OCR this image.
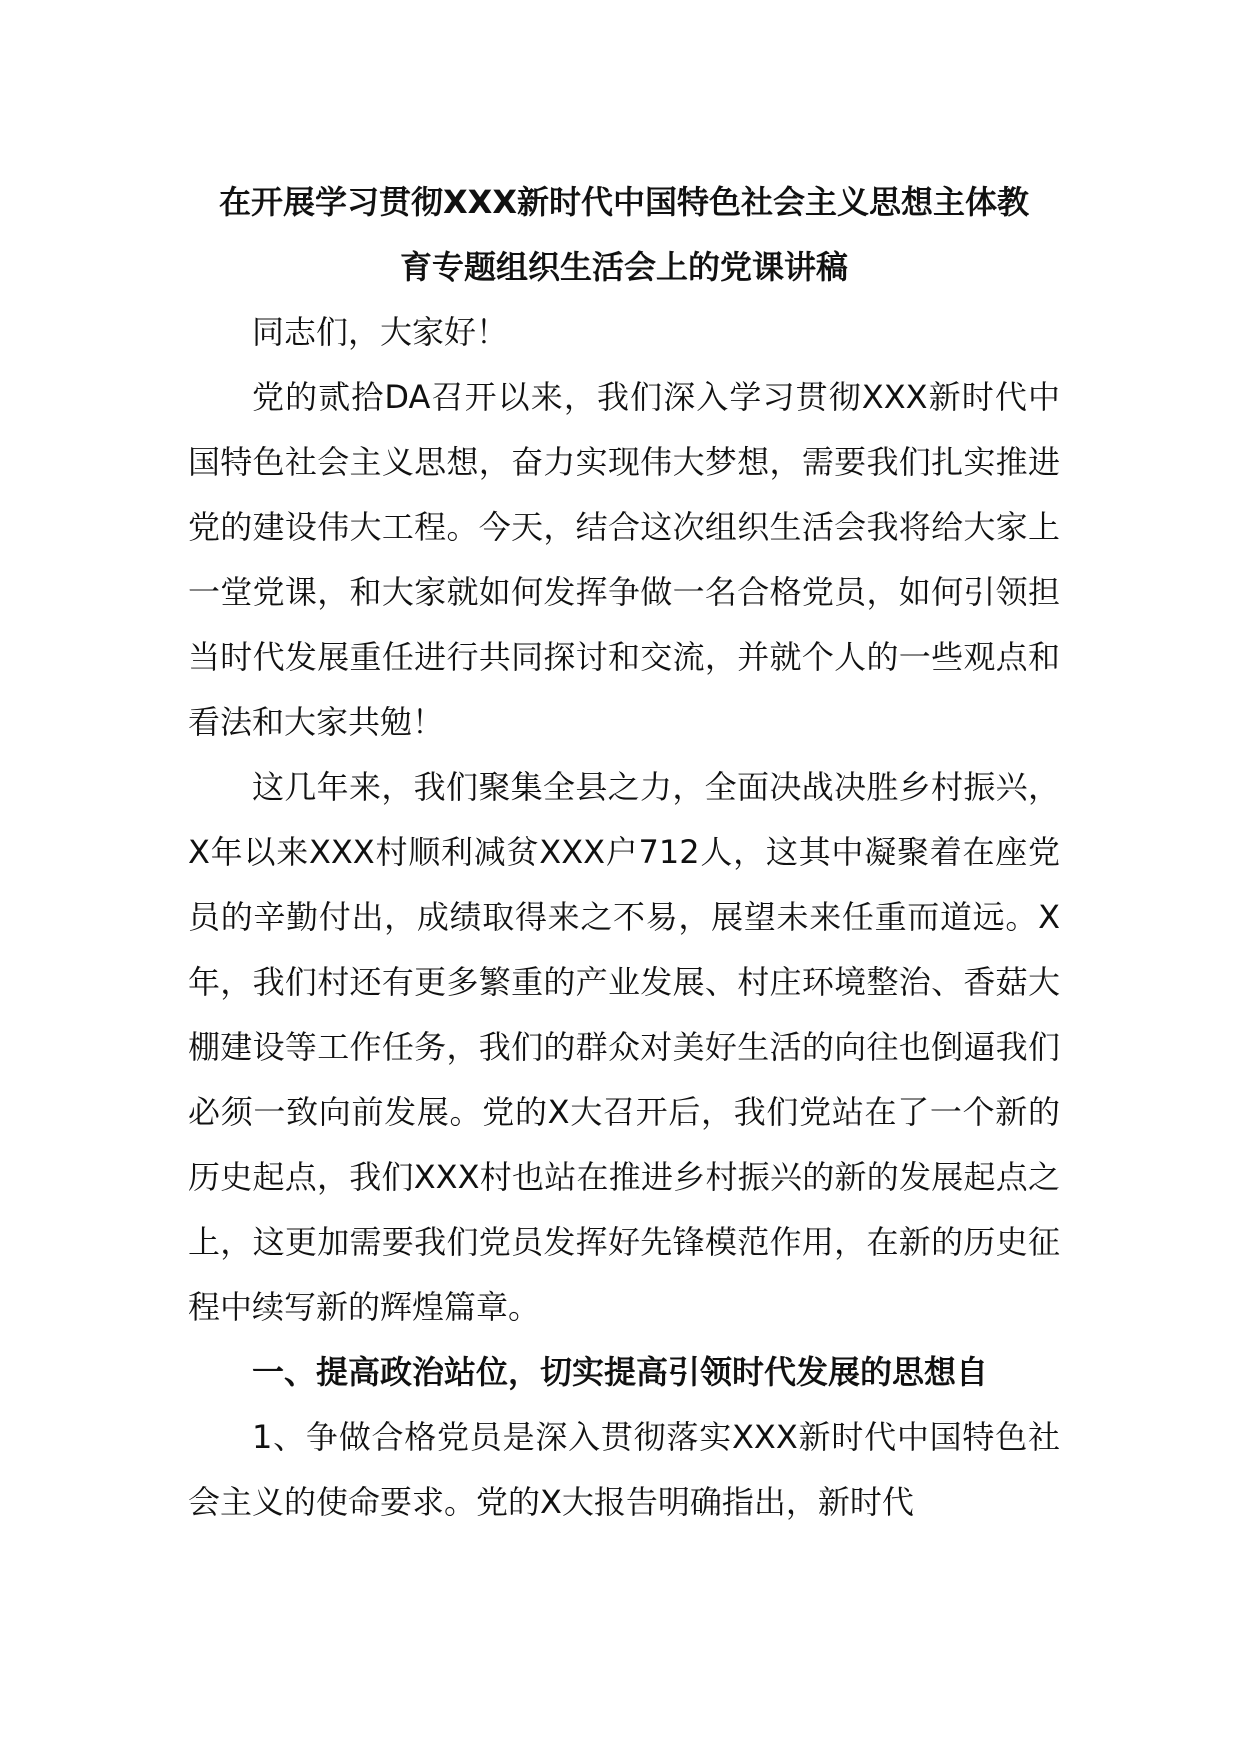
在开展学习贯彻XXX新时代中国特色社会主义思想主体教
育专题组织生活会上的党课讲稿

同志们，大家好！

党的贰拾DA召开以来，我们深入学习贯彻XXX新时代中国特色社会主义思想，奋力实现伟大梦想，需要我们扎实推进党的建设伟大工程。今天，结合这次组织生活会我将给大家上一堂党课，和大家就如何发挥争做一名合格党员，如何引领担当时代发展重任进行共同探讨和交流，并就个人的一些观点和看法和大家共勉！

这几年来，我们聚集全县之力，全面决战决胜乡村振兴，X年以来XXX村顺利减贫XXX户712人，这其中凝聚着在座党员的辛勤付出，成绩取得来之不易，展望未来任重而道远。X年，我们村还有更多繁重的产业发展、村庄环境整治、香菇大棚建设等工作任务，我们的群众对美好生活的向往也倒逼我们必须一致向前发展。党的X大召开后，我们党站在了一个新的历史起点，我们XXX村也站在推进乡村振兴的新的发展起点之上，这更加需要我们党员发挥好先锋模范作用，在新的历史征程中续写新的辉煌篇章。

一、提高政治站位，切实提高引领时代发展的思想自

1、争做合格党员是深入贯彻落实XXX新时代中国特色社会主义的使命要求。党的X大报告明确指出，新时代
